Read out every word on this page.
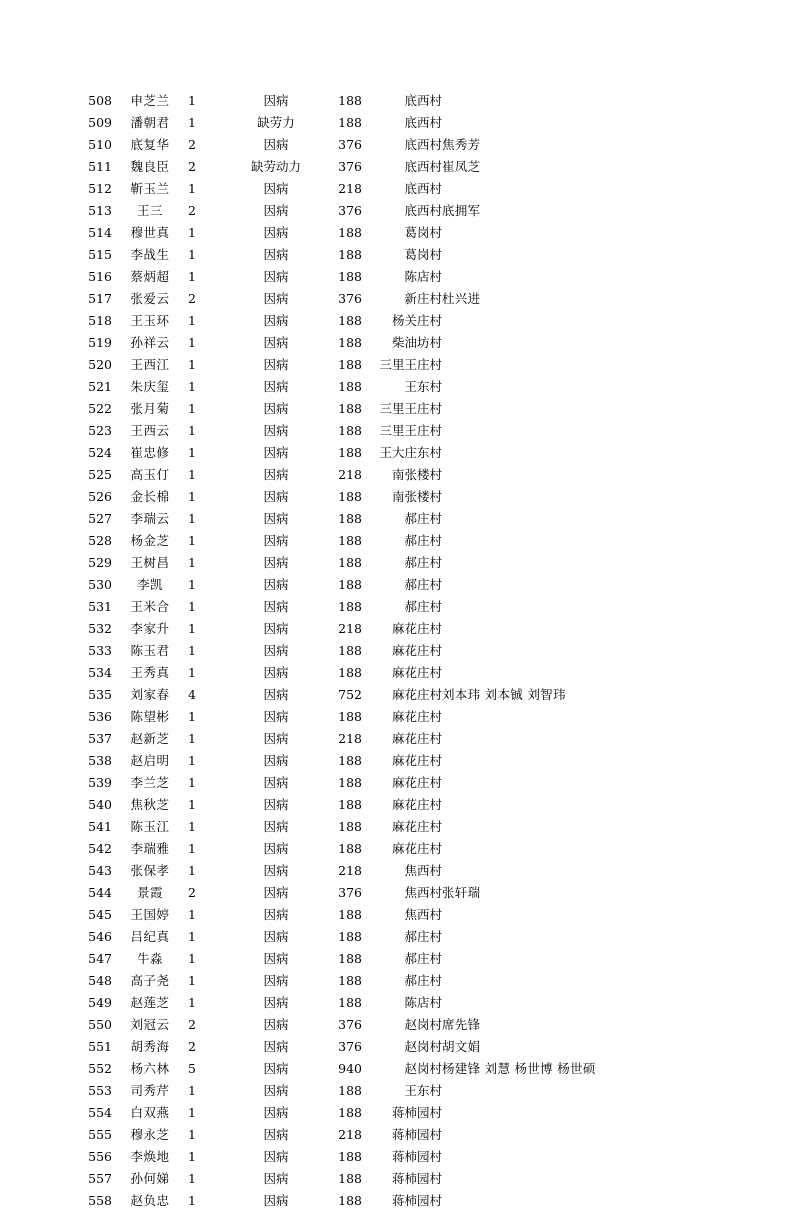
508	申芝兰	1	因病	188	底西村	
509	潘朝君	1	缺劳力	188	底西村	
510	底复华	2	因病	376	底西村	焦秀芳
511	魏良臣	2	缺劳动力	376	底西村	崔凤芝
512	靳玉兰	1	因病	218	底西村	
513	王三	2	因病	376	底西村	底拥军
514	穆世真	1	因病	188	葛岗村	
515	李战生	1	因病	188	葛岗村	
516	蔡炳超	1	因病	188	陈店村	
517	张爱云	2	因病	376	新庄村	杜兴进
518	王玉环	1	因病	188	杨关庄村	
519	孙祥云	1	因病	188	柴油坊村	
520	王西江	1	因病	188	三里王庄村	
521	朱庆玺	1	因病	188	王东村	
522	张月菊	1	因病	188	三里王庄村	
523	王西云	1	因病	188	三里王庄村	
524	崔忠修	1	因病	188	王大庄东村	
525	高玉仃	1	因病	218	南张楼村	
526	金长棉	1	因病	188	南张楼村	
527	李瑞云	1	因病	188	郝庄村	
528	杨金芝	1	因病	188	郝庄村	
529	王树昌	1	因病	188	郝庄村	
530	李凯	1	因病	188	郝庄村	
531	王米合	1	因病	188	郝庄村	
532	李家升	1	因病	218	麻花庄村	
533	陈玉君	1	因病	188	麻花庄村	
534	王秀真	1	因病	188	麻花庄村	
535	刘家春	4	因病	752	麻花庄村	刘本玮 刘本铖 刘智玮
536	陈望彬	1	因病	188	麻花庄村	
537	赵新芝	1	因病	218	麻花庄村	
538	赵启明	1	因病	188	麻花庄村	
539	李兰芝	1	因病	188	麻花庄村	
540	焦秋芝	1	因病	188	麻花庄村	
541	陈玉江	1	因病	188	麻花庄村	
542	李瑞雅	1	因病	188	麻花庄村	
543	张保孝	1	因病	218	焦西村	
544	景霞	2	因病	376	焦西村	张轩瑞
545	王国婷	1	因病	188	焦西村	
546	吕纪真	1	因病	188	郝庄村	
547	牛淼	1	因病	188	郝庄村	
548	高子尧	1	因病	188	郝庄村	
549	赵莲芝	1	因病	188	陈店村	
550	刘冠云	2	因病	376	赵岗村	席先锋
551	胡秀海	2	因病	376	赵岗村	胡文娟
552	杨六林	5	因病	940	赵岗村	杨建锋 刘慧 杨世博 杨世硕
553	司秀芹	1	因病	188	王东村	
554	白双燕	1	因病	188	蒋柿园村	
555	穆永芝	1	因病	218	蒋柿园村	
556	李焕地	1	因病	188	蒋柿园村	
557	孙何娣	1	因病	188	蒋柿园村	
558	赵负忠	1	因病	188	蒋柿园村	
